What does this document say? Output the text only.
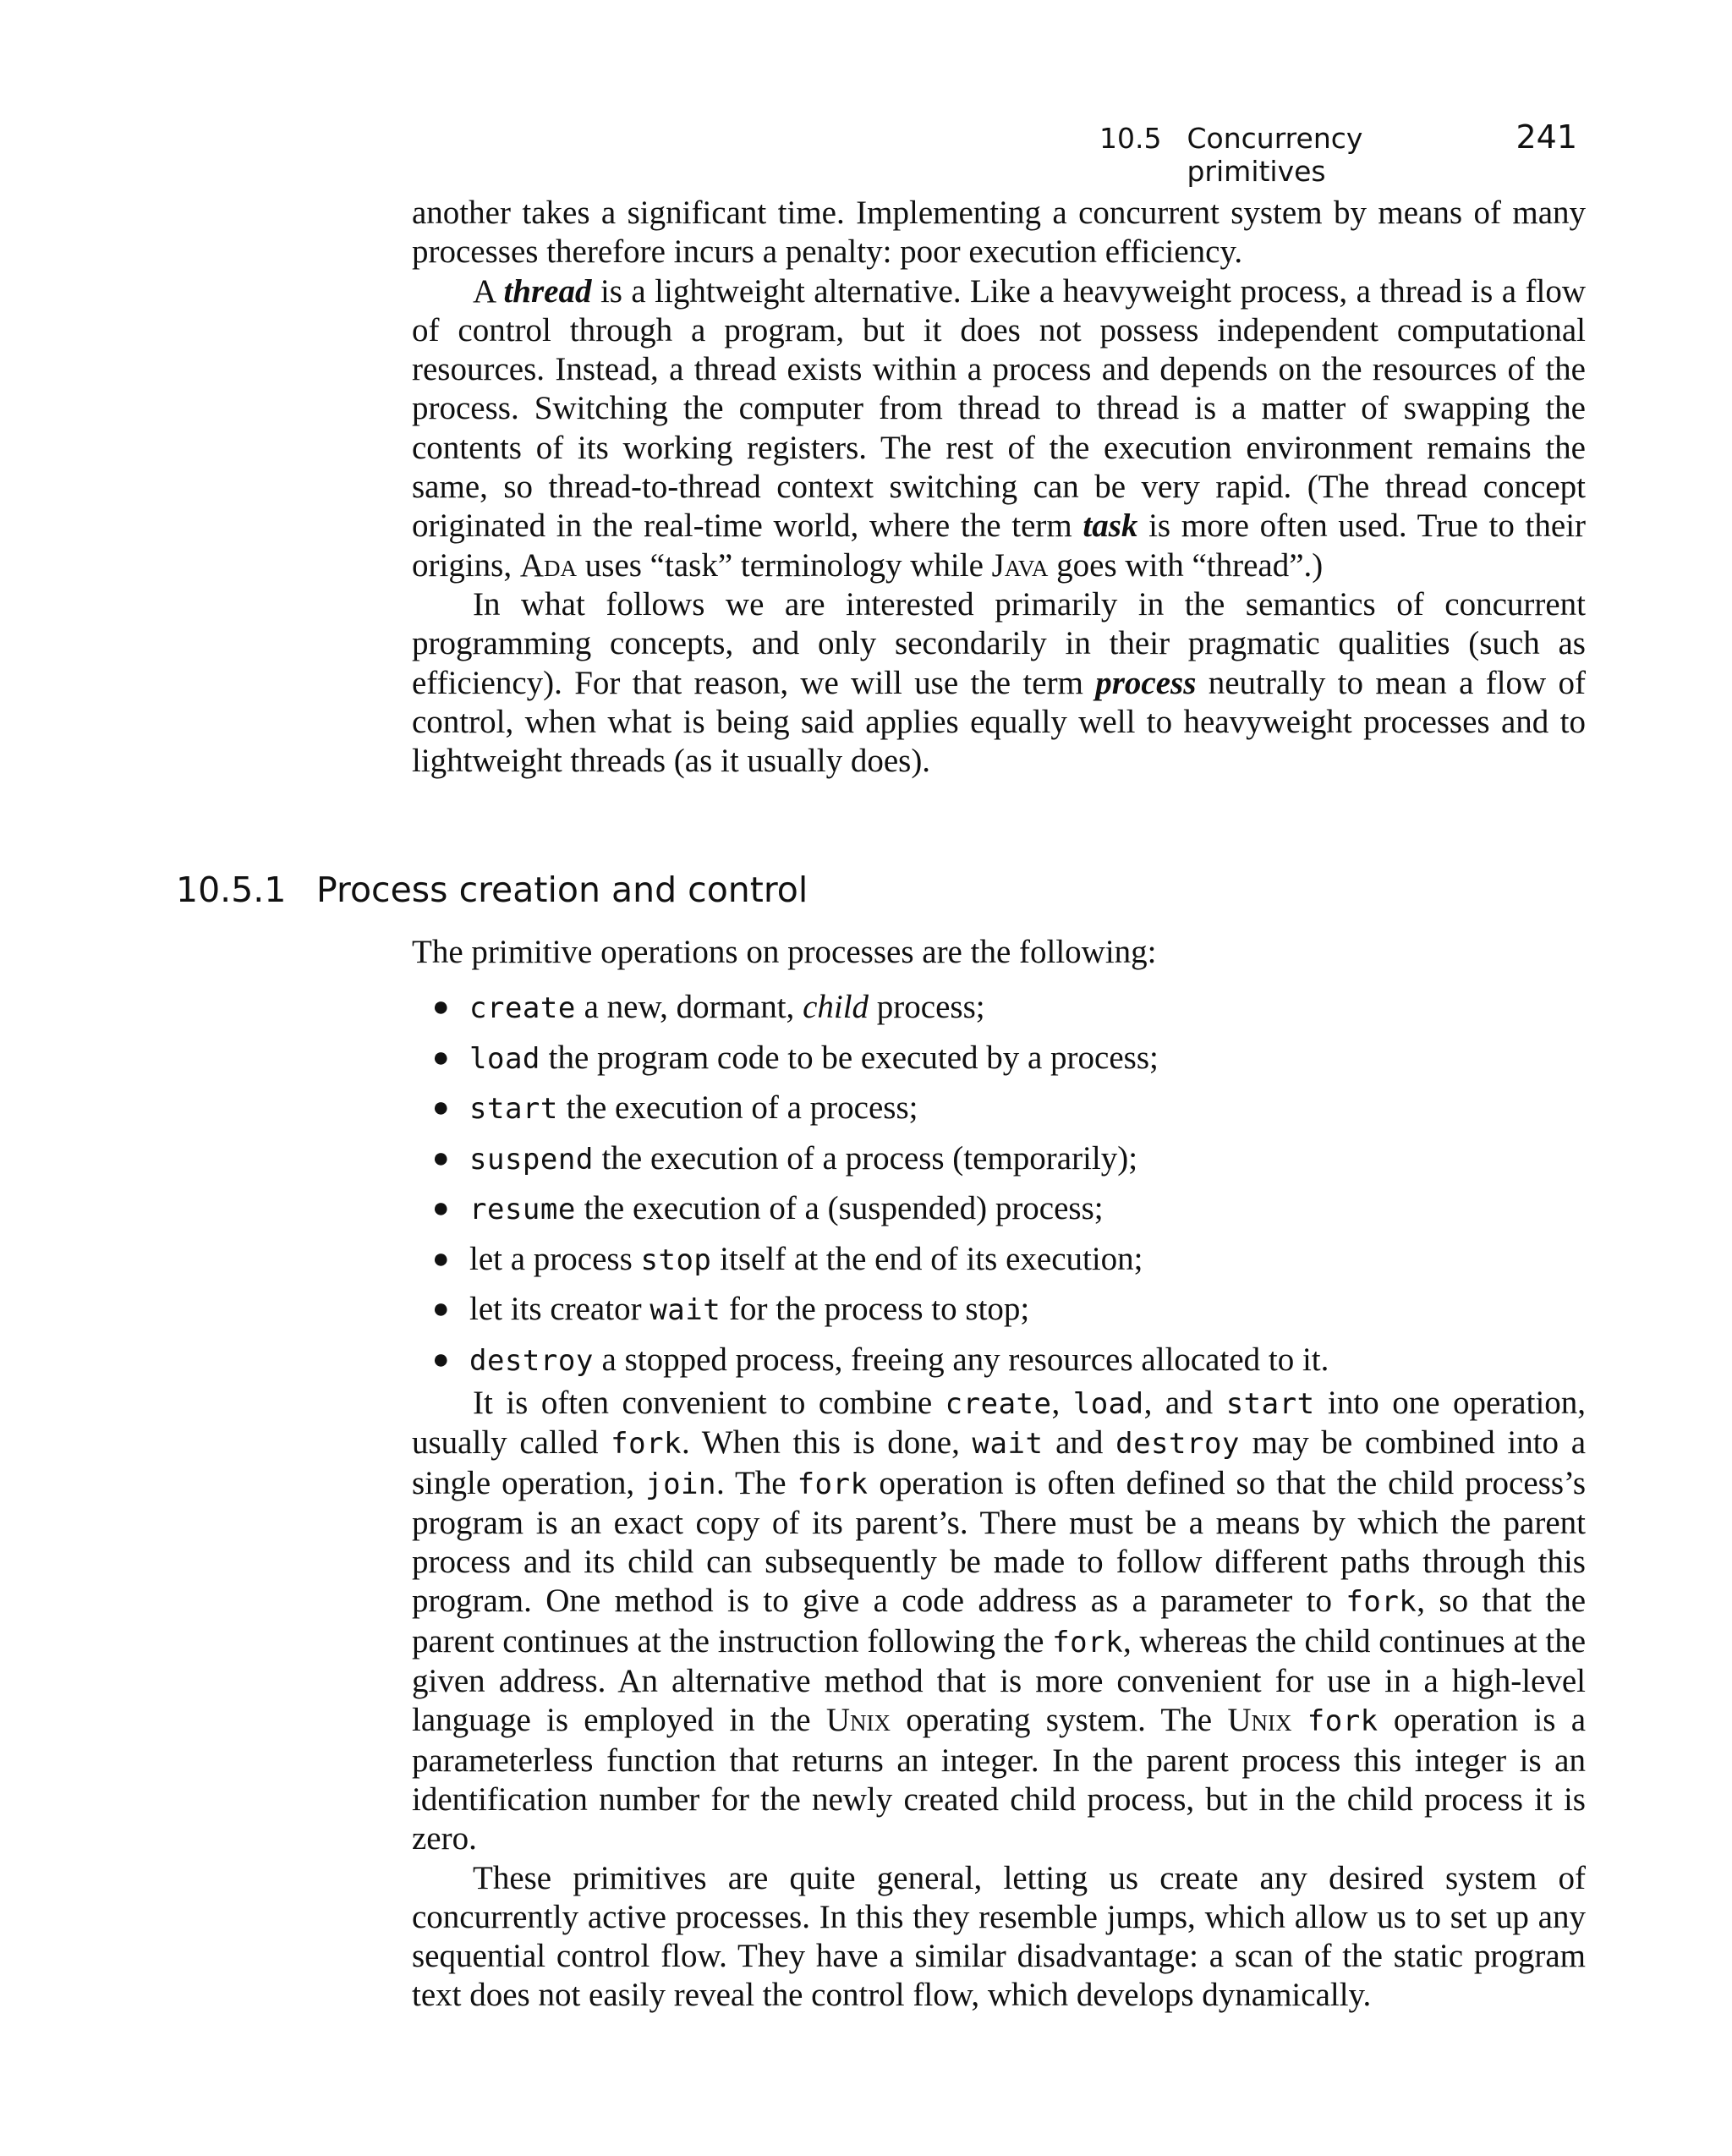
10.5 Concurrency primitives
241

another takes a significant time. Implementing a concurrent system by means of many processes therefore incurs a penalty: poor execution efficiency.

A thread is a lightweight alternative. Like a heavyweight process, a thread is a flow of control through a program, but it does not possess independent computational resources. Instead, a thread exists within a process and depends on the resources of the process. Switching the computer from thread to thread is a matter of swapping the contents of its working registers. The rest of the execution environment remains the same, so thread-to-thread context switching can be very rapid. (The thread concept originated in the real-time world, where the term task is more often used. True to their origins, Ada uses “task” terminology while Java goes with “thread”.)

In what follows we are interested primarily in the semantics of concurrent programming concepts, and only secondarily in their pragmatic qualities (such as efficiency). For that reason, we will use the term process neutrally to mean a flow of control, when what is being said applies equally well to heavyweight processes and to lightweight threads (as it usually does).

10.5.1 Process creation and control

The primitive operations on processes are the following:

● create a new, dormant, child process;
● load the program code to be executed by a process;
● start the execution of a process;
● suspend the execution of a process (temporarily);
● resume the execution of a (suspended) process;
● let a process stop itself at the end of its execution;
● let its creator wait for the process to stop;
● destroy a stopped process, freeing any resources allocated to it.

It is often convenient to combine create, load, and start into one operation, usually called fork. When this is done, wait and destroy may be combined into a single operation, join. The fork operation is often defined so that the child process’s program is an exact copy of its parent’s. There must be a means by which the parent process and its child can subsequently be made to follow different paths through this program. One method is to give a code address as a parameter to fork, so that the parent continues at the instruction following the fork, whereas the child continues at the given address. An alternative method that is more convenient for use in a high-level language is employed in the Unix operating system. The Unix fork operation is a parameterless function that returns an integer. In the parent process this integer is an identification number for the newly created child process, but in the child process it is zero.

These primitives are quite general, letting us create any desired system of concurrently active processes. In this they resemble jumps, which allow us to set up any sequential control flow. They have a similar disadvantage: a scan of the static program text does not easily reveal the control flow, which develops dynamically.
